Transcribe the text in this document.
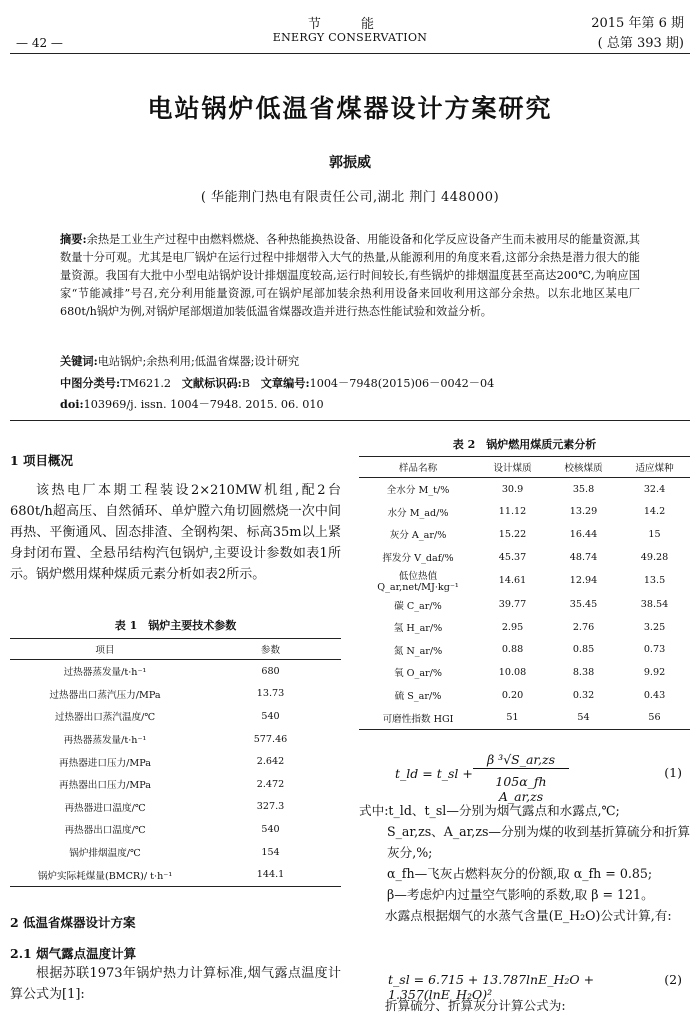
节 能
ENERGY CONSERVATION
— 42 —
2015 年第 6 期
( 总第 393 期)
电站锅炉低温省煤器设计方案研究
郭振威
( 华能荆门热电有限责任公司,湖北 荆门 448000)

摘要:余热是工业生产过程中由燃料燃烧、各种热能换热设备、用能设备和化学反应设备产生而未被用尽的能量资源,其数量十分可观。尤其是电厂锅炉在运行过程中排烟带入大气的热量,从能源利用的角度来看,这部分余热是潜力很大的能量资源。我国有大批中小型电站锅炉设计排烟温度较高,运行时间较长,有些锅炉的排烟温度甚至高达200℃,为响应国家“节能减排”号召,充分利用能量资源,可在锅炉尾部加装余热利用设备来回收利用这部分余热。以东北地区某电厂680t/h锅炉为例,对锅炉尾部烟道加装低温省煤器改造并进行热态性能试验和效益分析。

关键词:电站锅炉;余热利用;低温省煤器;设计研究
中图分类号:TM621.2 文献标识码:B 文章编号:1004－7948(2015)06－0042－04
doi:103969/j. issn. 1004－7948. 2015. 06. 010
1 项目概况
该热电厂本期工程装设2×210MW机组,配2台680t/h超高压、自然循环、单炉膛六角切圆燃烧一次中间再热、平衡通风、固态排渣、全钢构架、标高35m以上紧身封闭布置、全悬吊结构汽包锅炉,主要设计参数如表1所示。锅炉燃用煤种煤质元素分析如表2所示。
表 1　锅炉主要技术参数
项目	参数
过热器蒸发量/t·h⁻¹	680
过热器出口蒸汽压力/MPa	13.73
过热器出口蒸汽温度/℃	540
再热器蒸发量/t·h⁻¹	577.46
再热器进口压力/MPa	2.642
再热器出口压力/MPa	2.472
再热器进口温度/℃	327.3
再热器出口温度/℃	540
锅炉排烟温度/℃	154
锅炉实际耗煤量(BMCR)/ t·h⁻¹	144.1
2 低温省煤器设计方案
2.1 烟气露点温度计算
根据苏联1973年锅炉热力计算标准,烟气露点温度计算公式为[1]:
表 2　锅炉燃用煤质元素分析
样品名称	设计煤质	校核煤质	适应煤种
全水分 M_t/%	30.9	35.8	32.4
水分 M_ad/%	11.12	13.29	14.2
灰分 A_ar/%	15.22	16.44	15
挥发分 V_daf/%	45.37	48.74	49.28
低位热值 Q_ar,net/MJ·kg⁻¹	14.61	12.94	13.5
碳 C_ar/%	39.77	35.45	38.54
氢 H_ar/%	2.95	2.76	3.25
氮 N_ar/%	0.88	0.85	0.73
氧 O_ar/%	10.08	8.38	9.92
硫 S_ar/%	0.20	0.32	0.43
可磨性指数 HGI	51	54	56
t_ld = t_sl +
β ³√S_ar,zs
105α_fh A_ar,zs
(1)
式中:t_ld、t_sl—分别为烟气露点和水露点,℃;
S_ar,zs、A_ar,zs—分别为煤的收到基折算硫分和折算灰分,%;
α_fh—飞灰占燃料灰分的份额,取 α_fh = 0.85;
β—考虑炉内过量空气影响的系数,取 β = 121。
水露点根据烟气的水蒸气含量(E_H₂O)公式计算,有:
t_sl = 6.715 + 13.787lnE_H₂O + 1.357(lnE_H₂O)²
(2)
折算硫分、折算灰分计算公式为:
